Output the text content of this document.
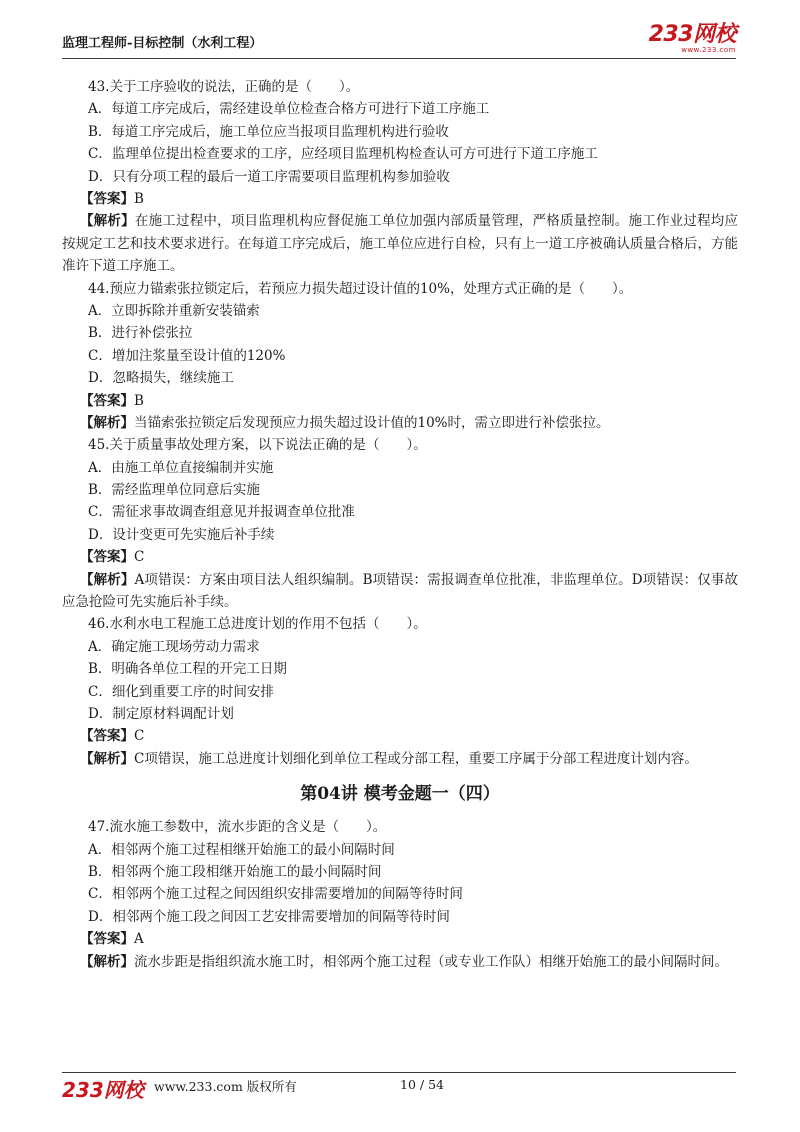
监理工程师-目标控制（水利工程）	233网校
www.233.com
43.关于工序验收的说法，正确的是（　　）。
A．每道工序完成后，需经建设单位检查合格方可进行下道工序施工
B．每道工序完成后，施工单位应当报项目监理机构进行验收
C．监理单位提出检查要求的工序，应经项目监理机构检查认可方可进行下道工序施工
D．只有分项工程的最后一道工序需要项目监理机构参加验收
【答案】B
【解析】在施工过程中，项目监理机构应督促施工单位加强内部质量管理，严格质量控制。施工作业过程均应按规定工艺和技术要求进行。在每道工序完成后，施工单位应进行自检，只有上一道工序被确认质量合格后，方能准许下道工序施工。
44.预应力锚索张拉锁定后，若预应力损失超过设计值的10%，处理方式正确的是（　　）。
A．立即拆除并重新安装锚索
B．进行补偿张拉
C．增加注浆量至设计值的120%
D．忽略损失，继续施工
【答案】B
【解析】当锚索张拉锁定后发现预应力损失超过设计值的10%时，需立即进行补偿张拉。
45.关于质量事故处理方案，以下说法正确的是（　　）。
A．由施工单位直接编制并实施
B．需经监理单位同意后实施
C．需征求事故调查组意见并报调查单位批准
D．设计变更可先实施后补手续
【答案】C
【解析】A项错误：方案由项目法人组织编制。B项错误：需报调查单位批准，非监理单位。D项错误：仅事故应急抢险可先实施后补手续。
46.水利水电工程施工总进度计划的作用不包括（　　）。
A．确定施工现场劳动力需求
B．明确各单位工程的开完工日期
C．细化到重要工序的时间安排
D．制定原材料调配计划
【答案】C
【解析】C项错误，施工总进度计划细化到单位工程或分部工程，重要工序属于分部工程进度计划内容。
第04讲 模考金题一（四）
47.流水施工参数中，流水步距的含义是（　　）。
A．相邻两个施工过程相继开始施工的最小间隔时间
B．相邻两个施工段相继开始施工的最小间隔时间
C．相邻两个施工过程之间因组织安排需要增加的间隔等待时间
D．相邻两个施工段之间因工艺安排需要增加的间隔等待时间
【答案】A
【解析】流水步距是指组织流水施工时，相邻两个施工过程（或专业工作队）相继开始施工的最小间隔时间。
233网校 www.233.com 版权所有	10 / 54
